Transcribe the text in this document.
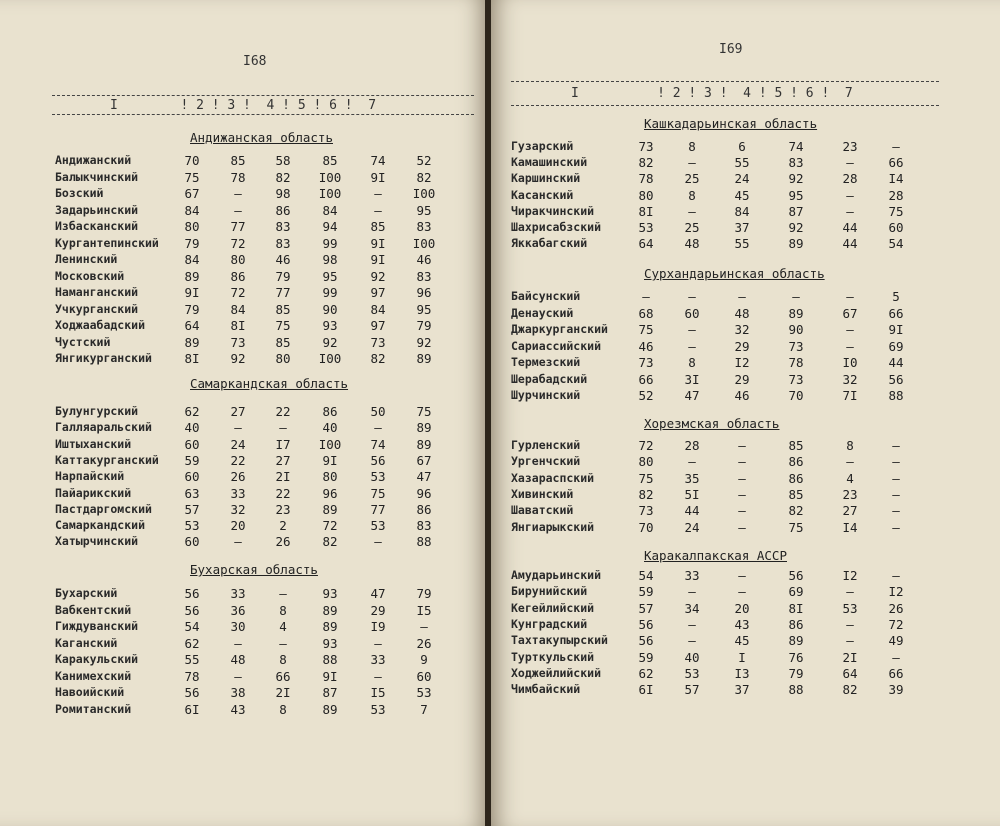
I68
I        ! 2 ! 3 !  4 ! 5 ! 6 !  7
Андижанская область
Андижанский	70	85	58	85	74	52
Балыкчинский	75	78	82	I00	9I	82
Бозский	67	–	98	I00	–	I00
Задарьинский	84	–	86	84	–	95
Избасканский	80	77	83	94	85	83
Кургантепинский	79	72	83	99	9I	I00
Ленинский	84	80	46	98	9I	46
Московский	89	86	79	95	92	83
Наманганский	9I	72	77	99	97	96
Учкурганский	79	84	85	90	84	95
Ходжаабадский	64	8I	75	93	97	79
Чустский	89	73	85	92	73	92
Янгикурганский	8I	92	80	I00	82	89
Самаркандская область
Булунгурский	62	27	22	86	50	75
Галляаральский	40	–	–	40	–	89
Иштыханский	60	24	I7	I00	74	89
Каттакурганский	59	22	27	9I	56	67
Нарпайский	60	26	2I	80	53	47
Пайарикский	63	33	22	96	75	96
Пастдаргомский	57	32	23	89	77	86
Самаркандский	53	20	2	72	53	83
Хатырчинский	60	–	26	82	–	88
Бухарская область
Бухарский	56	33	–	93	47	79
Вабкентский	56	36	8	89	29	I5
Гиждуванский	54	30	4	89	I9	–
Каганский	62	–	–	93	–	26
Каракульский	55	48	8	88	33	9
Канимехский	78	–	66	9I	–	60
Навоийский	56	38	2I	87	I5	53
Ромитанский	6I	43	8	89	53	7
I69
I          ! 2 ! 3 !  4 ! 5 ! 6 !  7
Кашкадарьинская область
Гузарский	73	8	6	74	23	–
Камашинский	82	–	55	83	–	66
Каршинский	78	25	24	92	28	I4
Касанский	80	8	45	95	–	28
Чиракчинский	8I	–	84	87	–	75
Шахрисабзский	53	25	37	92	44	60
Яккабагский	64	48	55	89	44	54
Сурхандарьинская область
Байсунский	–	–	–	–	–	5
Денауский	68	60	48	89	67	66
Джаркурганский	75	–	32	90	–	9I
Сариассийский	46	–	29	73	–	69
Термезский	73	8	I2	78	I0	44
Шерабадский	66	3I	29	73	32	56
Шурчинский	52	47	46	70	7I	88
Хорезмская область
Гурленский	72	28	–	85	8	–
Ургенчский	80	–	–	86	–	–
Хазараспский	75	35	–	86	4	–
Хивинский	82	5I	–	85	23	–
Шаватский	73	44	–	82	27	–
Янгиарыкский	70	24	–	75	I4	–
Каракалпакская АССР
Амударьинский	54	33	–	56	I2	–
Бирунийский	59	–	–	69	–	I2
Кегейлийский	57	34	20	8I	53	26
Кунградский	56	–	43	86	–	72
Тахтакупырский	56	–	45	89	–	49
Турткульский	59	40	I	76	2I	–
Ходжейлийский	62	53	I3	79	64	66
Чимбайский	6I	57	37	88	82	39
